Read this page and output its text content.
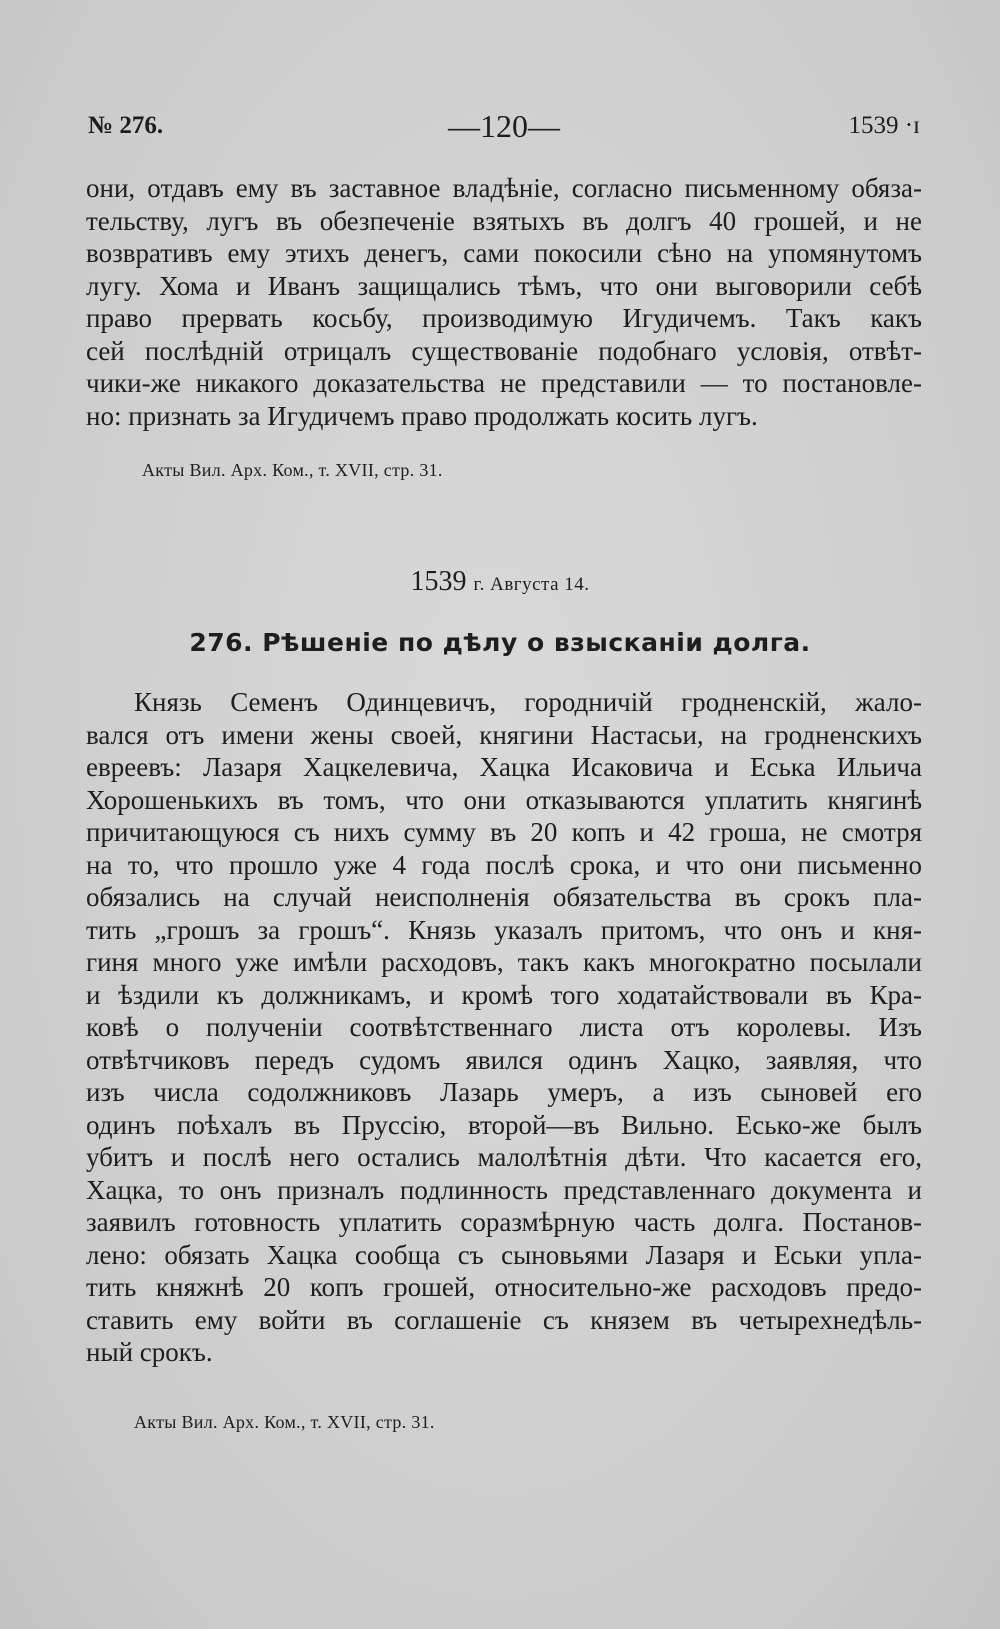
№ 276.	—120—	1539 ·ɪ
они, отдавъ ему въ заставное владѣніе, согласно письменному обяза-
тельству, лугъ въ обезпеченіе взятыхъ въ долгъ 40 грошей, и не
возвративъ ему этихъ денегъ, сами покосили сѣно на упомянутомъ
лугу. Хома и Иванъ защищались тѣмъ, что они выговорили себѣ
право прервать косьбу, производимую Игудичемъ. Такъ какъ
сей послѣдній отрицалъ существованіе подобнаго условія, отвѣт-
чики-же никакого доказательства не представили — то постановле-
но: признать за Игудичемъ право продолжать косить лугъ.
Акты Вил. Арх. Ком., т. XVII, стр. 31.
1539 г. Августа 14.
276. Рѣшеніе по дѣлу о взысканіи долга.
Князь Семенъ Одинцевичъ, городничій гродненскій, жало-
вался отъ имени жены своей, княгини Настасьи, на гродненскихъ
евреевъ: Лазаря Хацкелевича, Хацка Исаковича и Еська Ильича
Хорошенькихъ въ томъ, что они отказываются уплатить княгинѣ
причитающуюся съ нихъ сумму въ 20 копъ и 42 гроша, не смотря
на то, что прошло уже 4 года послѣ срока, и что они письменно
обязались на случай неисполненія обязательства въ срокъ пла-
тить „грошъ за грошъ“. Князь указалъ притомъ, что онъ и кня-
гиня много уже имѣли расходовъ, такъ какъ многократно посылали
и ѣздили къ должникамъ, и кромѣ того ходатайствовали въ Кра-
ковѣ о полученіи соотвѣтственнаго листа отъ королевы. Изъ
отвѣтчиковъ передъ судомъ явился одинъ Хацко, заявляя, что
изъ числа содолжниковъ Лазарь умеръ, а изъ сыновей его
одинъ поѣхалъ въ Пруссію, второй—въ Вильно. Есько-же былъ
убитъ и послѣ него остались малолѣтнія дѣти. Что касается его,
Хацка, то онъ призналъ подлинность представленнаго документа и
заявилъ готовность уплатить соразмѣрную часть долга. Постанов-
лено: обязать Хацка сообща съ сыновьями Лазаря и Еськи упла-
тить княжнѣ 20 копъ грошей, относительно-же расходовъ предо-
ставить ему войти въ соглашеніе съ князем въ четырехнедѣль-
ный срокъ.
Акты Вил. Арх. Ком., т. XVII, стр. 31.
